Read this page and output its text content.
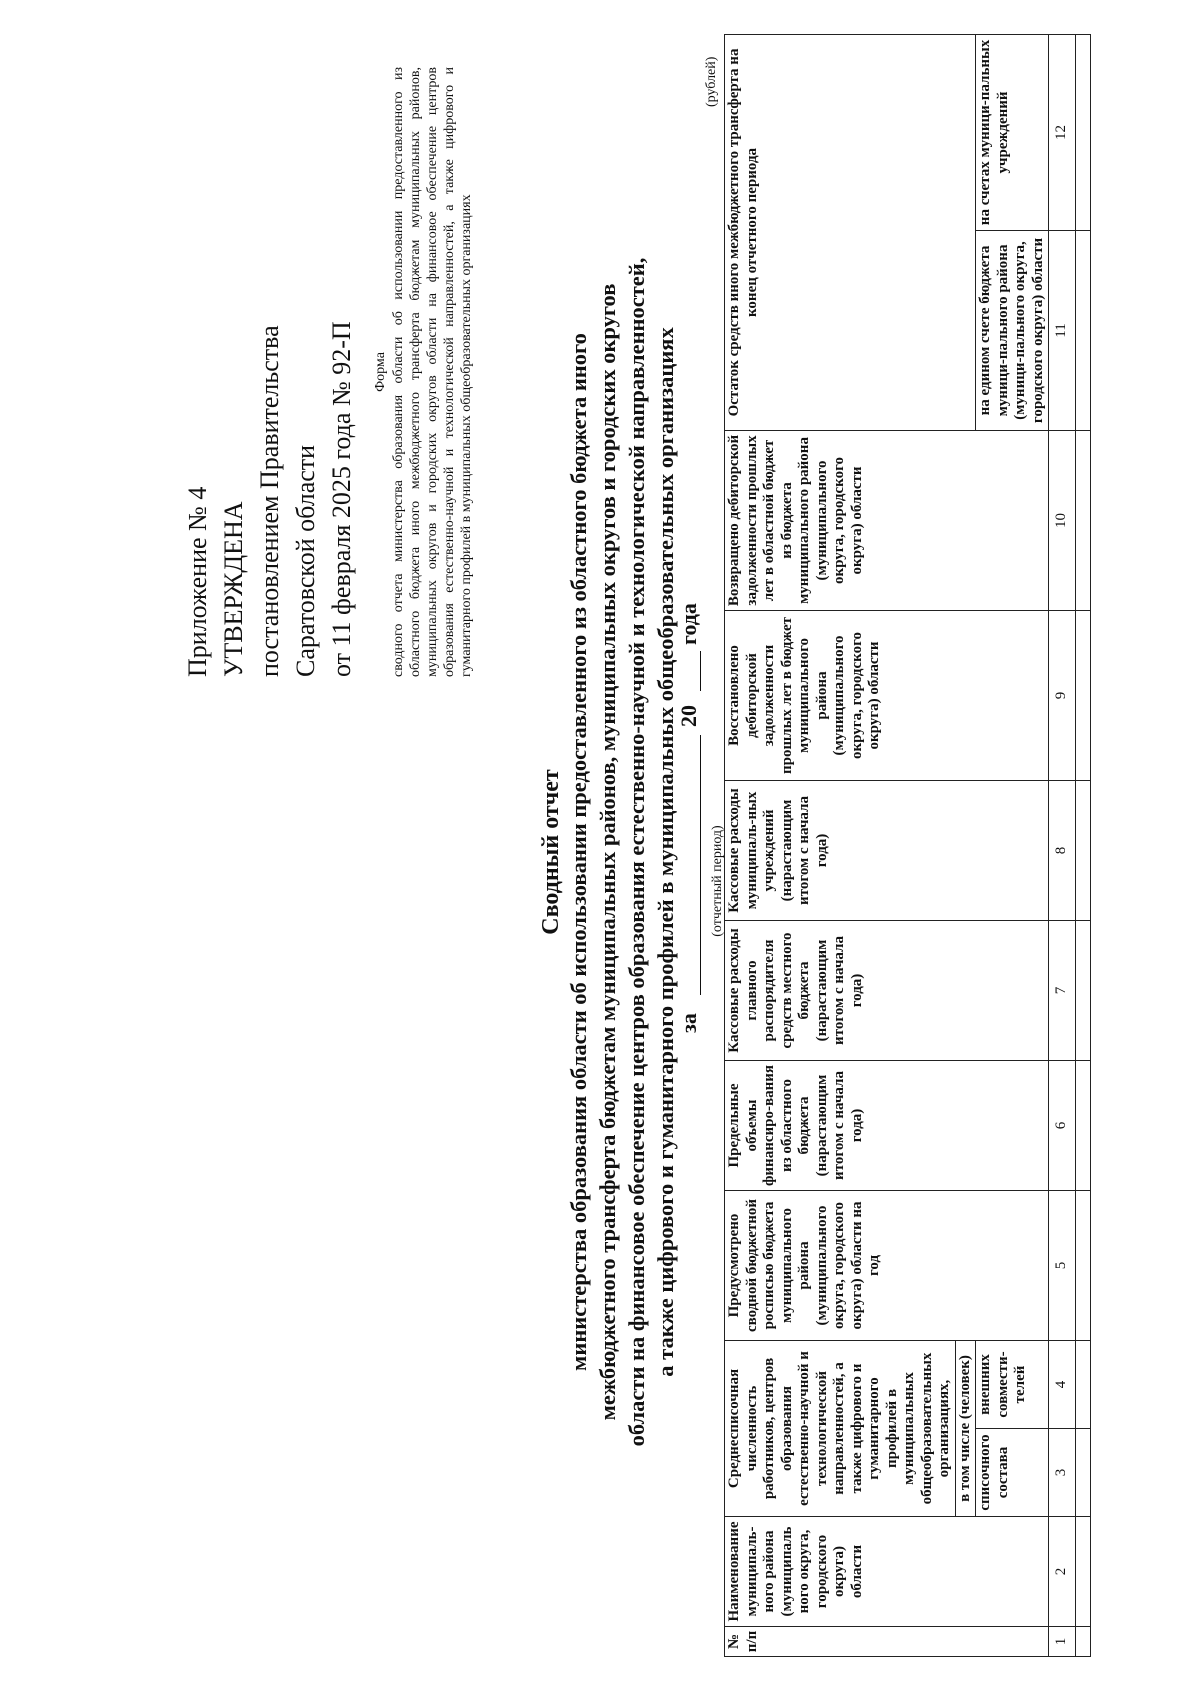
Приложение № 4 УТВЕРЖДЕНА постановлением Правительства Саратовской области от 11 февраля 2025 года № 92-П Форма сводного отчета министерства образования области об использовании предоставленного из областного бюджета иного межбюджетного трансферта бюджетам муниципальных районов, муниципальных округов и городских округов области на финансовое обеспечение центров образования естественно-научной и технологической направленностей, а также цифрового и гуманитарного профилей в муниципальных общеобразовательных организациях
Сводный отчет министерства образования области об использовании предоставленного из областного бюджета иного межбюджетного трансферта бюджетам муниципальных районов, муниципальных округов и городских округов области на финансовое обеспечение центров образования естественно-научной и технологической направленностей, а также цифрового и гуманитарного профилей в муниципальных общеобразовательных организациях
за
20
года
(отчетный период)
(рублей)
№ п/п	Наименование муниципаль-ного района (муниципаль ного округа, городского округа) области	Среднесписочная численность работников, центров образования естественно-научной и технологической направленностей, а также цифрового и гуманитарного профилей в муниципальных общеобразовательных организациях,		Предусмотрено сводной бюджетной росписью бюджета муниципального района (муниципального округа, городского округа) области на год	Предельные объемы финансиро-вания из областного бюджета (нарастающим итогом с начала года)	Кассовые расходы главного распорядителя средств местного бюджета (нарастающим итогом с начала года)	Кассовые расходы муниципаль-ных учреждений (нарастающим итогом с начала года)	Восстановлено дебиторской задолженности прошлых лет в бюджет муниципального района (муниципального округа, городского округа) области	Возвращено дебиторской задолженности прошлых лет в областной бюджет из бюджета муниципального района (муниципального округа, городского округа) области	Остаток средств иного межбюджетного трансферта на конец отчетного периода	
		в том числе (человек)									
		списочного состава	внешних совмести-телей							на едином счете бюджета муници-пального района (муници-пального округа, городского округа) области	на счетах муници-пальных учреждений
1	2	3	4	5	6	7	8	9	10	11	12
